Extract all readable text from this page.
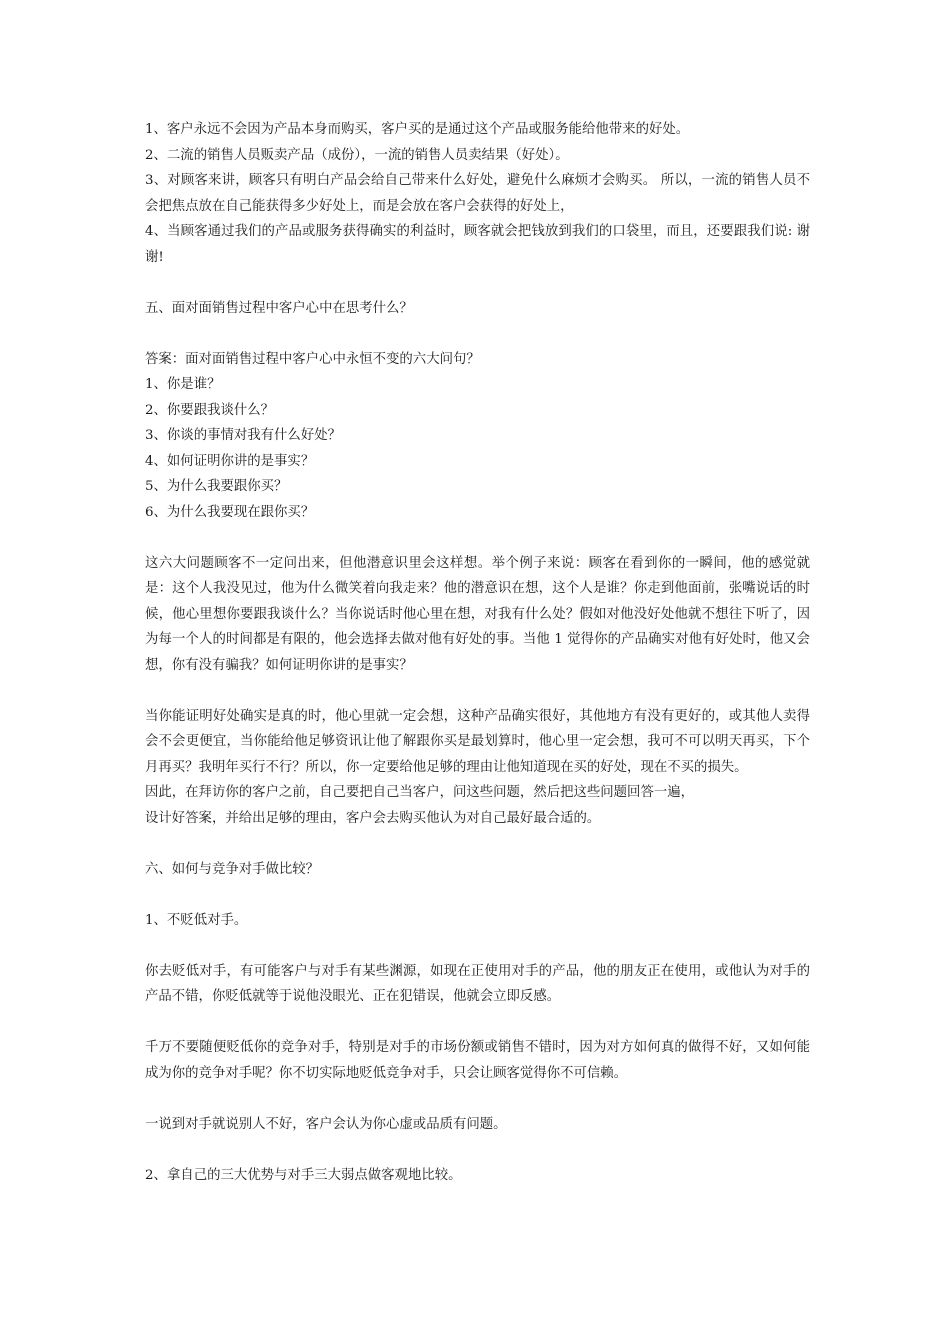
1、客户永远不会因为产品本身而购买，客户买的是通过这个产品或服务能给他带来的好处。
2、二流的销售人员贩卖产品（成份），一流的销售人员卖结果（好处）。
3、对顾客来讲，顾客只有明白产品会给自己带来什么好处，避免什么麻烦才会购买。 所以，一流的销售人员不会把焦点放在自己能获得多少好处上，而是会放在客户会获得的好处上，
4、当顾客通过我们的产品或服务获得确实的利益时，顾客就会把钱放到我们的口袋里，而且，还要跟我们说: 谢谢!
五、面对面销售过程中客户心中在思考什么？
答案：面对面销售过程中客户心中永恒不变的六大问句？
1、你是谁？
2、你要跟我谈什么？
3、你谈的事情对我有什么好处？
4、如何证明你讲的是事实？
5、为什么我要跟你买？
6、为什么我要现在跟你买？
这六大问题顾客不一定问出来，但他潜意识里会这样想。举个例子来说：顾客在看到你的一瞬间，他的感觉就是：这个人我没见过，他为什么微笑着向我走来？他的潜意识在想，这个人是谁？你走到他面前，张嘴说话的时候，他心里想你要跟我谈什么？当你说话时他心里在想，对我有什么处？假如对他没好处他就不想往下听了，因为每一个人的时间都是有限的，他会选择去做对他有好处的事。当他 1 觉得你的产品确实对他有好处时，他又会想，你有没有骗我？如何证明你讲的是事实？
当你能证明好处确实是真的时，他心里就一定会想，这种产品确实很好，其他地方有没有更好的，或其他人卖得会不会更便宜，当你能给他足够资讯让他了解跟你买是最划算时，他心里一定会想，我可不可以明天再买，下个月再买？我明年买行不行？所以，你一定要给他足够的理由让他知道现在买的好处，现在不买的损失。
因此，在拜访你的客户之前，自己要把自己当客户，问这些问题，然后把这些问题回答一遍，
设计好答案，并给出足够的理由，客户会去购买他认为对自己最好最合适的。
六、如何与竞争对手做比较？
1、不贬低对手。
你去贬低对手，有可能客户与对手有某些渊源，如现在正使用对手的产品，他的朋友正在使用，或他认为对手的产品不错，你贬低就等于说他没眼光、正在犯错误，他就会立即反感。
千万不要随便贬低你的竞争对手，特别是对手的市场份额或销售不错时，因为对方如何真的做得不好，又如何能成为你的竞争对手呢？你不切实际地贬低竞争对手，只会让顾客觉得你不可信赖。
一说到对手就说别人不好，客户会认为你心虚或品质有问题。
2、拿自己的三大优势与对手三大弱点做客观地比较。
